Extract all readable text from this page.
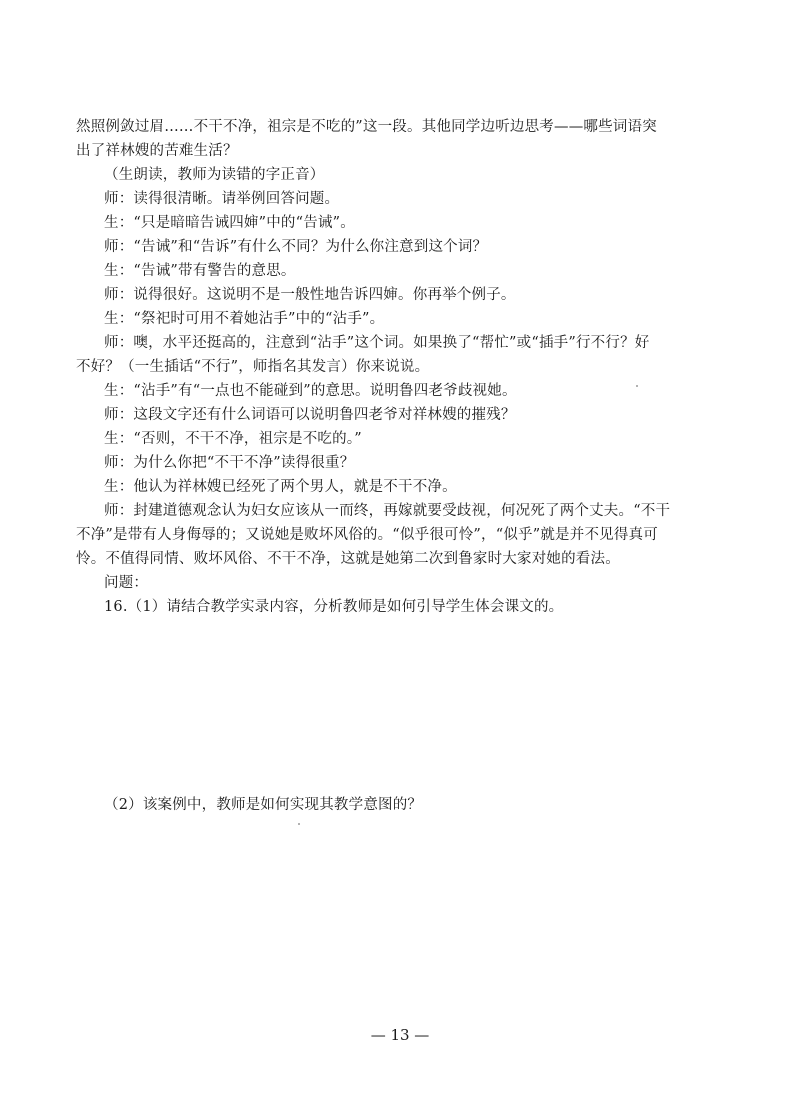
然照例敛过眉……不干不净，祖宗是不吃的”这一段。其他同学边听边思考——哪些词语突
出了祥林嫂的苦难生活？
（生朗读，教师为读错的字正音）
师：读得很清晰。请举例回答问题。
生：“只是暗暗告诫四婶”中的“告诫”。
师：“告诫”和“告诉”有什么不同？为什么你注意到这个词？
生：“告诫”带有警告的意思。
师：说得很好。这说明不是一般性地告诉四婶。你再举个例子。
生：“祭祀时可用不着她沾手”中的“沾手”。
师：噢，水平还挺高的，注意到“沾手”这个词。如果换了“帮忙”或“插手”行不行？好
不好？（一生插话“不行”，师指名其发言）你来说说。
生：“沾手”有“一点也不能碰到”的意思。说明鲁四老爷歧视她。
师：这段文字还有什么词语可以说明鲁四老爷对祥林嫂的摧残？
生：“否则，不干不净，祖宗是不吃的。”
师：为什么你把“不干不净”读得很重？
生：他认为祥林嫂已经死了两个男人，就是不干不净。
师：封建道德观念认为妇女应该从一而终，再嫁就要受歧视，何况死了两个丈夫。“不干
不净”是带有人身侮辱的；又说她是败坏风俗的。“似乎很可怜”，“似乎”就是并不见得真可
怜。不值得同情、败坏风俗、不干不净，这就是她第二次到鲁家时大家对她的看法。
问题：
16.（1）请结合教学实录内容，分析教师是如何引导学生体会课文的。
（2）该案例中，教师是如何实现其教学意图的？
— 13 —
